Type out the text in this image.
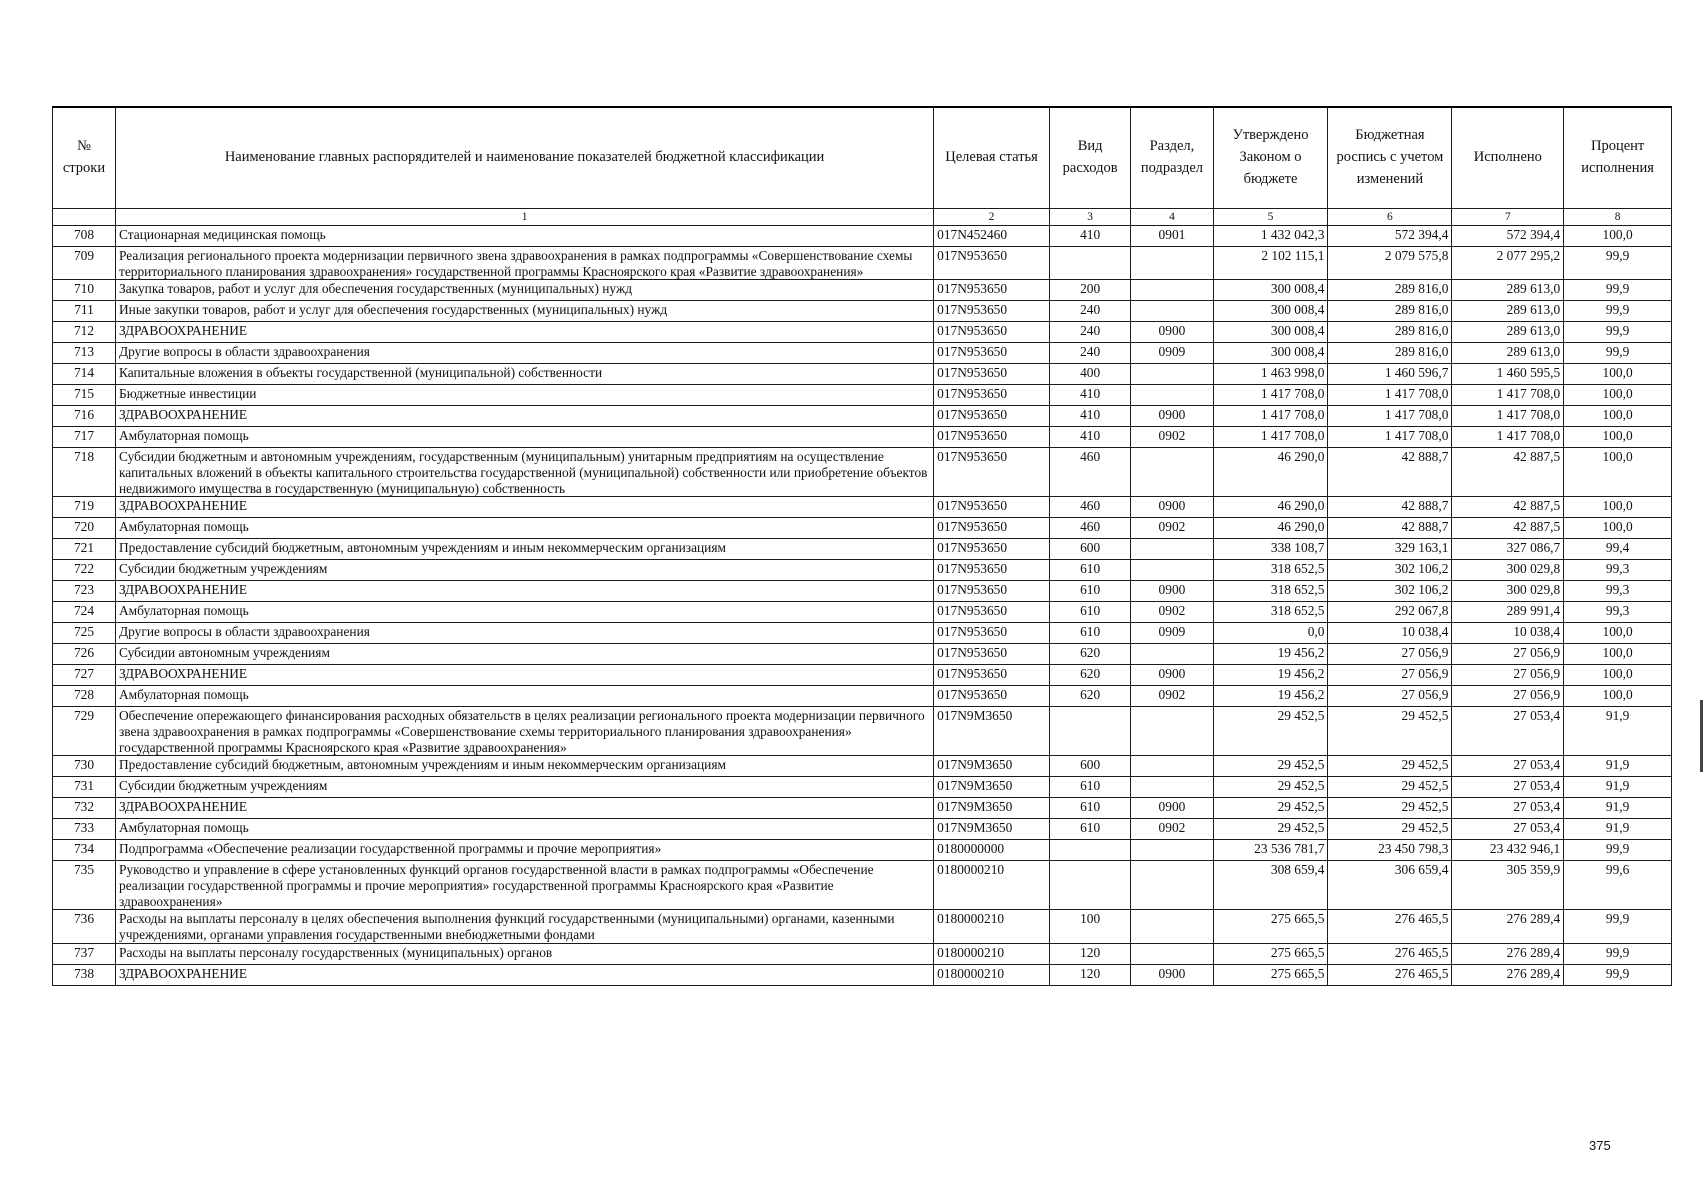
№ строки	Наименование главных распорядителей и наименование показателей бюджетной классификации	Целевая статья	Вид расходов	Раздел, подраздел	Утверждено Законом о бюджете	Бюджетная роспись с учетом изменений	Исполнено	Процент исполнения
	1	2	3	4	5	6	7	8
708	Стационарная медицинская помощь	017N452460	410	0901	1 432 042,3	572 394,4	572 394,4	100,0
709	Реализация регионального проекта модернизации первичного звена здравоохранения в рамках подпрограммы «Совершенствование схемы территориального планирования здравоохранения» государственной программы Красноярского края «Развитие здравоохранения»	017N953650			2 102 115,1	2 079 575,8	2 077 295,2	99,9
710	Закупка товаров, работ и услуг для обеспечения государственных (муниципальных) нужд	017N953650	200		300 008,4	289 816,0	289 613,0	99,9
711	Иные закупки товаров, работ и услуг для обеспечения государственных (муниципальных) нужд	017N953650	240		300 008,4	289 816,0	289 613,0	99,9
712	ЗДРАВООХРАНЕНИЕ	017N953650	240	0900	300 008,4	289 816,0	289 613,0	99,9
713	Другие вопросы в области здравоохранения	017N953650	240	0909	300 008,4	289 816,0	289 613,0	99,9
714	Капитальные вложения в объекты государственной (муниципальной) собственности	017N953650	400		1 463 998,0	1 460 596,7	1 460 595,5	100,0
715	Бюджетные инвестиции	017N953650	410		1 417 708,0	1 417 708,0	1 417 708,0	100,0
716	ЗДРАВООХРАНЕНИЕ	017N953650	410	0900	1 417 708,0	1 417 708,0	1 417 708,0	100,0
717	Амбулаторная помощь	017N953650	410	0902	1 417 708,0	1 417 708,0	1 417 708,0	100,0
718	Субсидии бюджетным и автономным учреждениям, государственным (муниципальным) унитарным предприятиям на осуществление капитальных вложений в объекты капитального строительства государственной (муниципальной) собственности или приобретение объектов недвижимого имущества в государственную (муниципальную) собственность	017N953650	460		46 290,0	42 888,7	42 887,5	100,0
719	ЗДРАВООХРАНЕНИЕ	017N953650	460	0900	46 290,0	42 888,7	42 887,5	100,0
720	Амбулаторная помощь	017N953650	460	0902	46 290,0	42 888,7	42 887,5	100,0
721	Предоставление субсидий бюджетным, автономным учреждениям и иным некоммерческим организациям	017N953650	600		338 108,7	329 163,1	327 086,7	99,4
722	Субсидии бюджетным учреждениям	017N953650	610		318 652,5	302 106,2	300 029,8	99,3
723	ЗДРАВООХРАНЕНИЕ	017N953650	610	0900	318 652,5	302 106,2	300 029,8	99,3
724	Амбулаторная помощь	017N953650	610	0902	318 652,5	292 067,8	289 991,4	99,3
725	Другие вопросы в области здравоохранения	017N953650	610	0909	0,0	10 038,4	10 038,4	100,0
726	Субсидии автономным учреждениям	017N953650	620		19 456,2	27 056,9	27 056,9	100,0
727	ЗДРАВООХРАНЕНИЕ	017N953650	620	0900	19 456,2	27 056,9	27 056,9	100,0
728	Амбулаторная помощь	017N953650	620	0902	19 456,2	27 056,9	27 056,9	100,0
729	Обеспечение опережающего финансирования расходных обязательств в целях реализации регионального проекта модернизации первичного звена здравоохранения в рамках подпрограммы «Совершенствование схемы территориального планирования здравоохранения» государственной программы Красноярского края «Развитие здравоохранения»	017N9M3650			29 452,5	29 452,5	27 053,4	91,9
730	Предоставление субсидий бюджетным, автономным учреждениям и иным некоммерческим организациям	017N9M3650	600		29 452,5	29 452,5	27 053,4	91,9
731	Субсидии бюджетным учреждениям	017N9M3650	610		29 452,5	29 452,5	27 053,4	91,9
732	ЗДРАВООХРАНЕНИЕ	017N9M3650	610	0900	29 452,5	29 452,5	27 053,4	91,9
733	Амбулаторная помощь	017N9M3650	610	0902	29 452,5	29 452,5	27 053,4	91,9
734	Подпрограмма «Обеспечение реализации государственной программы и прочие мероприятия»	0180000000			23 536 781,7	23 450 798,3	23 432 946,1	99,9
735	Руководство и управление в сфере установленных функций органов государственной власти в рамках подпрограммы «Обеспечение реализации государственной программы и прочие мероприятия» государственной программы Красноярского края «Развитие здравоохранения»	0180000210			308 659,4	306 659,4	305 359,9	99,6
736	Расходы на выплаты персоналу в целях обеспечения выполнения функций государственными (муниципальными) органами, казенными учреждениями, органами управления государственными внебюджетными фондами	0180000210	100		275 665,5	276 465,5	276 289,4	99,9
737	Расходы на выплаты персоналу государственных (муниципальных) органов	0180000210	120		275 665,5	276 465,5	276 289,4	99,9
738	ЗДРАВООХРАНЕНИЕ	0180000210	120	0900	275 665,5	276 465,5	276 289,4	99,9
375
